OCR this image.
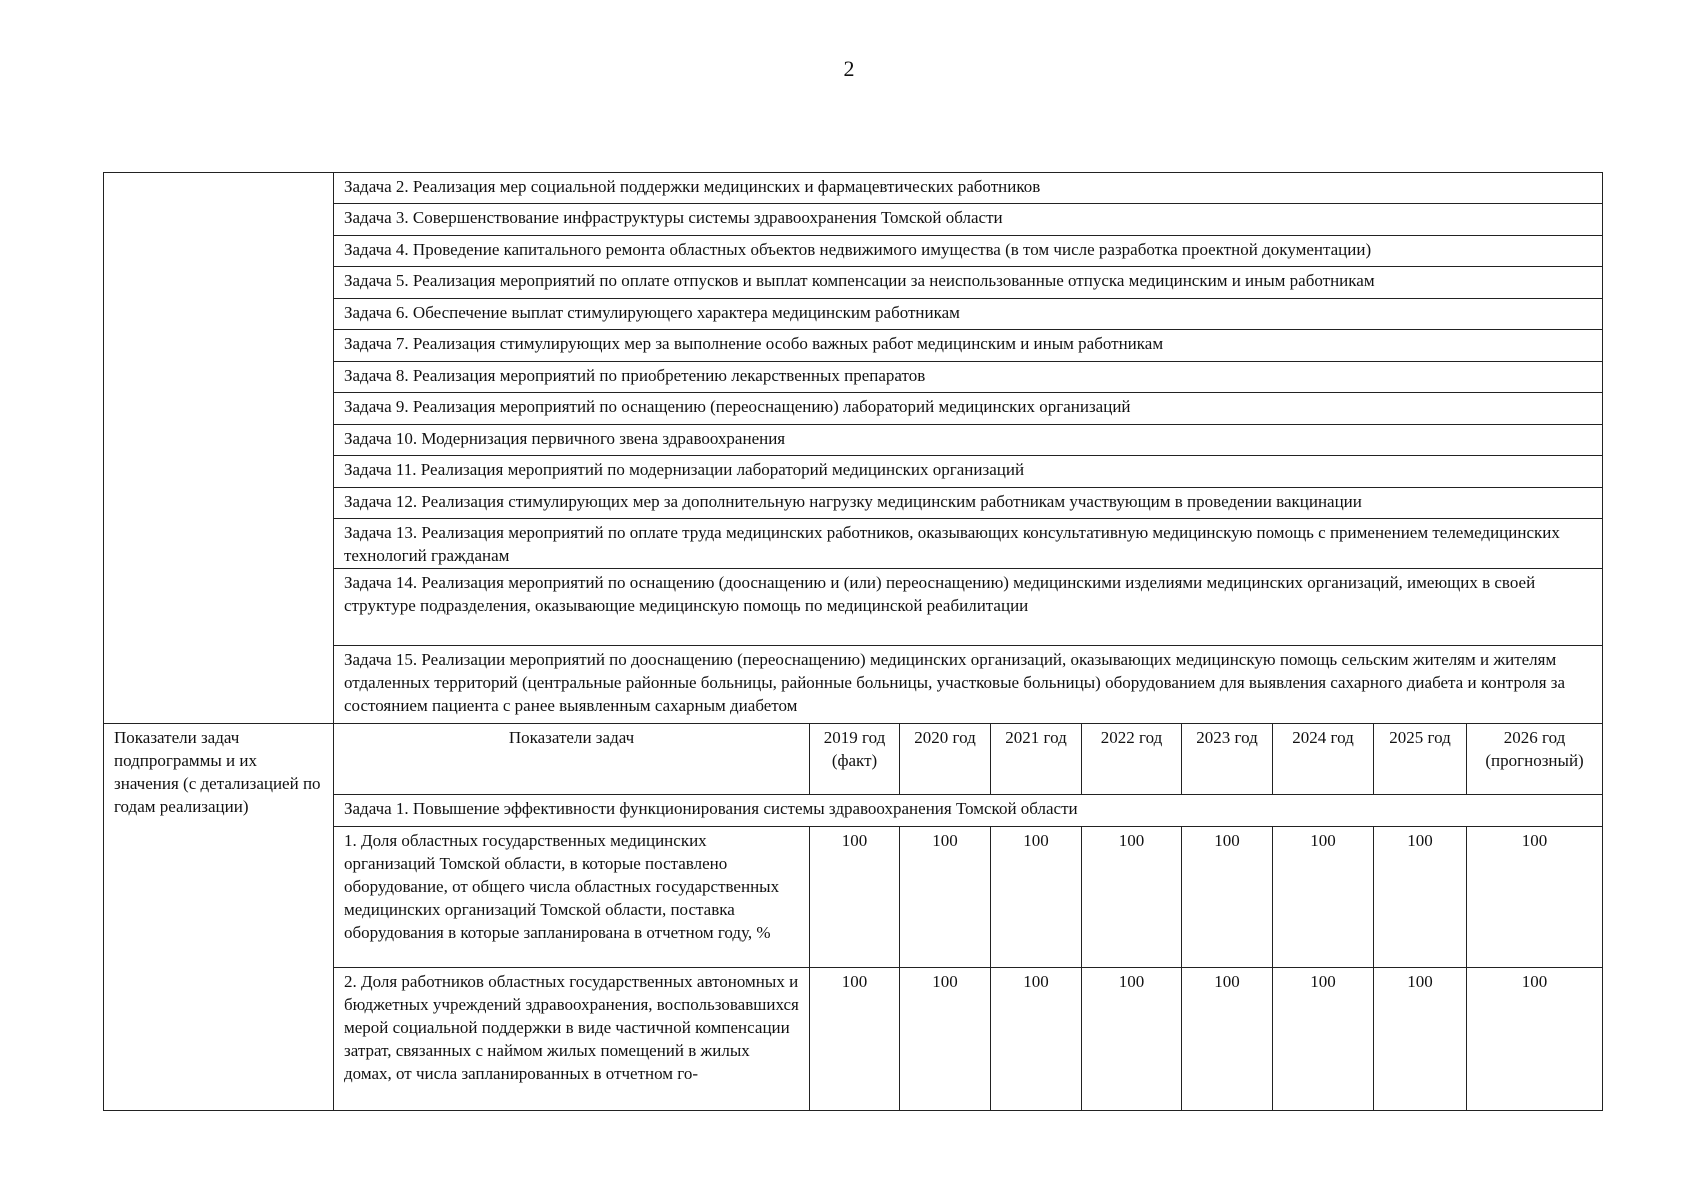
2
	Задача 2. Реализация мер социальной поддержки медицинских и фармацевтических работников								
	Задача 3. Совершенствование инфраструктуры системы здравоохранения Томской области								
	Задача 4. Проведение капитального ремонта областных объектов недвижимого имущества (в том числе разработка проектной документации)								
	Задача 5. Реализация мероприятий по оплате отпусков и выплат компенсации за неиспользованные отпуска медицинским и иным работникам								
	Задача 6. Обеспечение выплат стимулирующего характера медицинским работникам								
	Задача 7. Реализация стимулирующих мер за выполнение особо важных работ медицинским и иным работникам								
	Задача 8. Реализация мероприятий по приобретению лекарственных препаратов								
	Задача 9. Реализация мероприятий по оснащению (переоснащению) лабораторий медицинских организаций								
	Задача 10. Модернизация первичного звена здравоохранения								
	Задача 11. Реализация мероприятий по модернизации лабораторий медицинских организаций								
	Задача 12. Реализация стимулирующих мер за дополнительную нагрузку медицинским работникам участвующим в проведении вакцинации								
	Задача 13. Реализация мероприятий по оплате труда медицинских работников, оказывающих консультативную медицинскую помощь с применением телемедицинских технологий гражданам								
	Задача 14. Реализация мероприятий по оснащению (дооснащению и (или) переоснащению) медицинскими изделиями медицинских организаций, имеющих в своей структуре подразделения, оказывающие медицинскую помощь по медицинской реабилитации								
	Задача 15. Реализации мероприятий по дооснащению (переоснащению) медицинских организаций, оказывающих медицинскую помощь сельским жителям и жителям отдаленных территорий (центральные районные больницы, районные больницы, участковые больницы) оборудованием для выявления сахарного диабета и контроля за состоянием пациента с ранее выявленным сахарным диабетом								
Показатели задач подпрограммы и их значения (с детализацией по годам реализации)	Показатели задач	2019 год (факт)	2020 год	2021 год	2022 год	2023 год	2024 год	2025 год	2026 год (прогнозный)
	Задача 1. Повышение эффективности функционирования системы здравоохранения Томской области								
	1. Доля областных государственных медицинских организаций Томской области, в которые поставлено оборудование, от общего числа областных государственных медицинских организаций Томской области, поставка оборудования в которые запланирована в отчетном году, %	100	100	100	100	100	100	100	100
	2. Доля работников областных государственных автономных и бюджетных учреждений здравоохранения, воспользовавшихся мерой социальной поддержки в виде частичной компенсации затрат, связанных с наймом жилых помещений в жилых домах, от числа запланированных в отчетном го-	100	100	100	100	100	100	100	100
